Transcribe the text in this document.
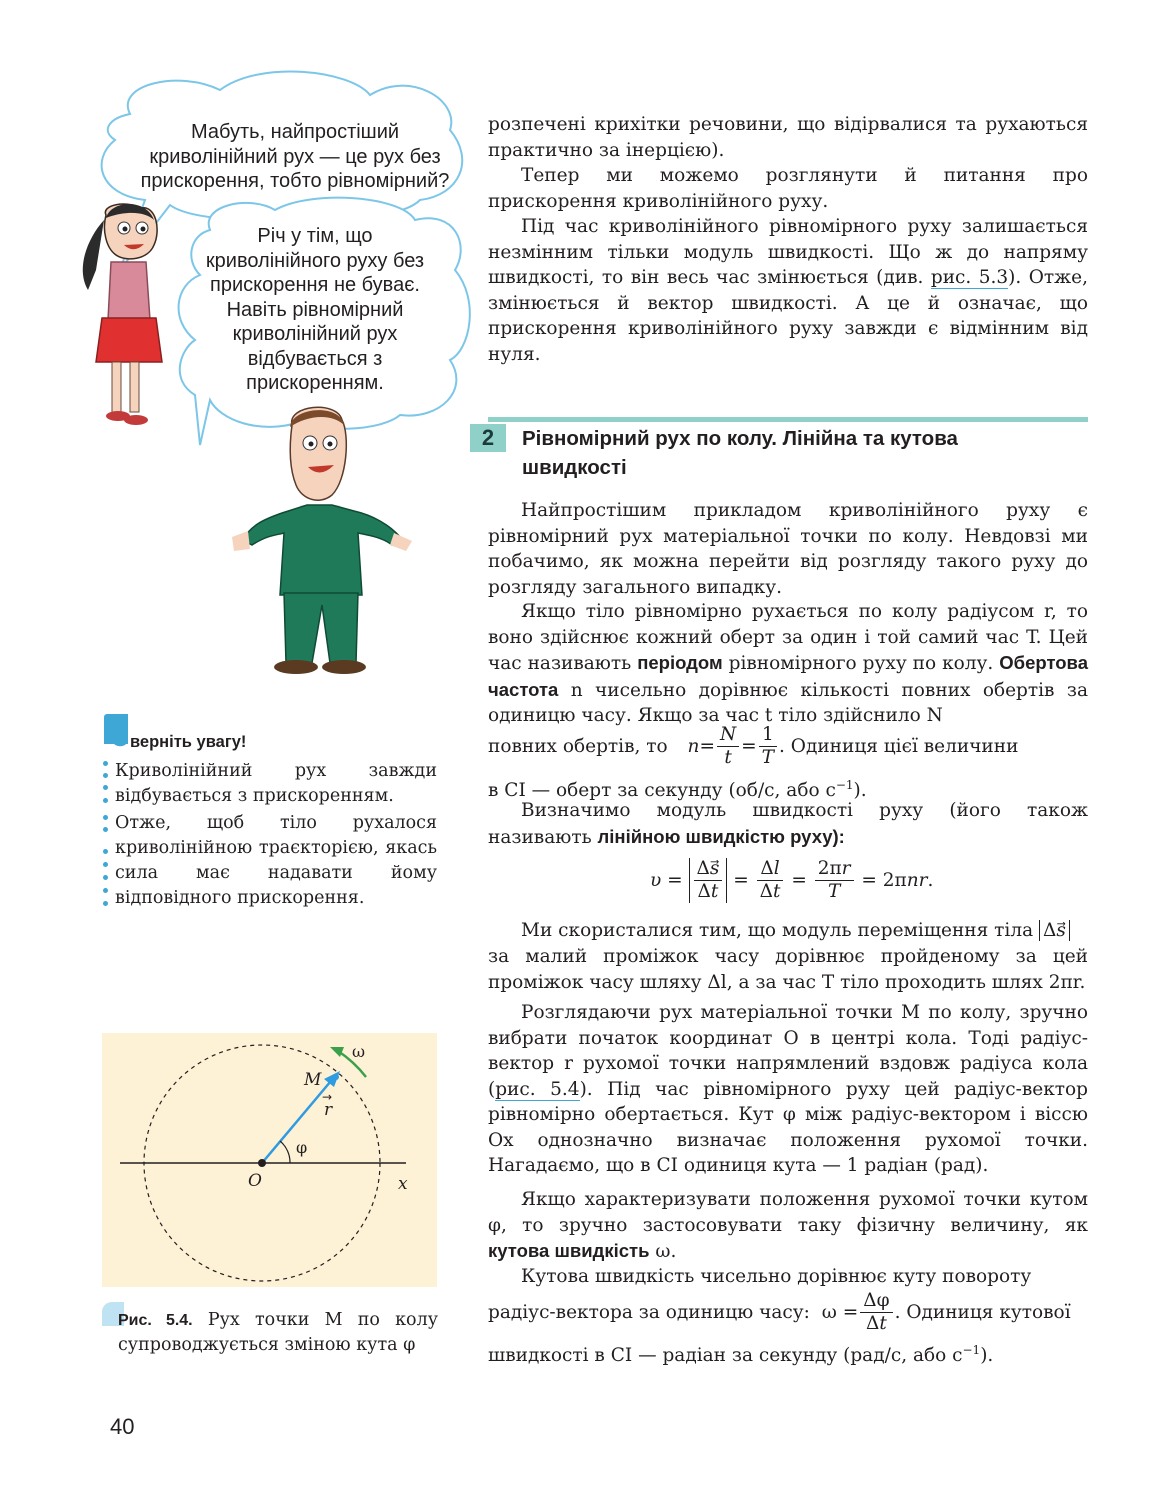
Мабуть, найпростіший криволінійний рух — це рух без прискорення, тобто рівномірний?
Річ у тім, що криволінійного руху без прискорення не буває. Навіть рівномірний криволінійний рух відбувається з прискоренням.
З верніть увагу!
Криволінійний рух завжди відбувається з прискоренням.
Отже, щоб тіло рухалося криволінійною траєкторією, якась сила має надавати йому відповідного прискорення.
ω
M
r
→
φ
O	x
Рис. 5.4. Рух точки M по колу супроводжується зміною кута φ
40
розпечені крихітки речовини, що відірвалися та рухаються практично за інерцією).
Тепер ми можемо розглянути й питання про прискорення криволінійного руху.
Під час криволінійного рівномірного руху залишається незмінним тільки модуль швидкості. Що ж до напряму швидкості, то він весь час змінюється (див. рис. 5.3). Отже, змінюється й вектор швидкості. А це й означає, що прискорення криволінійного руху завжди є відмінним від нуля.
2	Рівномірний рух по колу. Лінійна та кутова швидкості
Найпростішим прикладом криволінійного руху є рівномірний рух матеріальної точки по колу. Невдовзі ми побачимо, як можна перейти від розгляду такого руху до розгляду загального випадку.
Якщо тіло рівномірно рухається по колу радіусом r, то воно здійснює кожний оберт за один і той самий час T. Цей час називають періодом рівномірного руху по колу. Обертова частота n чисельно дорівнює кількості повних обертів за одиницю часу. Якщо за час t тіло здійснило N
повних обертів, то $n= \frac{N}{t} = \frac{1}{T}$ . Одиниця цієї величини
в СІ — оберт за секунду (об/с, або $с^{-1}$).
Визначимо модуль швидкості руху (його також називають лінійною швидкістю руху):
$\upsilon = \frac{\Delta s}{\Delta t} = \frac{\Delta l}{\Delta t} = \frac{2\pi r}{T} = 2\pi nr$.
Ми скористалися тим, що модуль переміщення тіла Δs
за малий проміжок часу дорівнює пройденому за цей проміжок часу шляху Δl, а за час T тіло проходить шлях 2πr.
Розглядаючи рух матеріальної точки M по колу, зручно вибрати початок координат O в центрі кола. Тоді радіус-вектор r рухомої точки напрямлений вздовж радіуса кола (рис. 5.4). Під час рівномірного руху цей радіус-вектор рівномірно обертається. Кут φ між радіус-вектором і віссю Ox однозначно визначає положення рухомої точки. Нагадаємо, що в СІ одиниця кута — 1 радіан (рад).
Якщо характеризувати положення рухомої точки кутом φ, то зручно застосовувати таку фізичну величину, як кутова швидкість ω.
Кутова швидкість чисельно дорівнює куту повороту
радіус-вектора за одиницю часу: $\omega = \frac{\Delta\varphi}{\Delta t}$ . Одиниця кутової
швидкості в СІ — радіан за секунду (рад/с, або $с^{-1}$).
